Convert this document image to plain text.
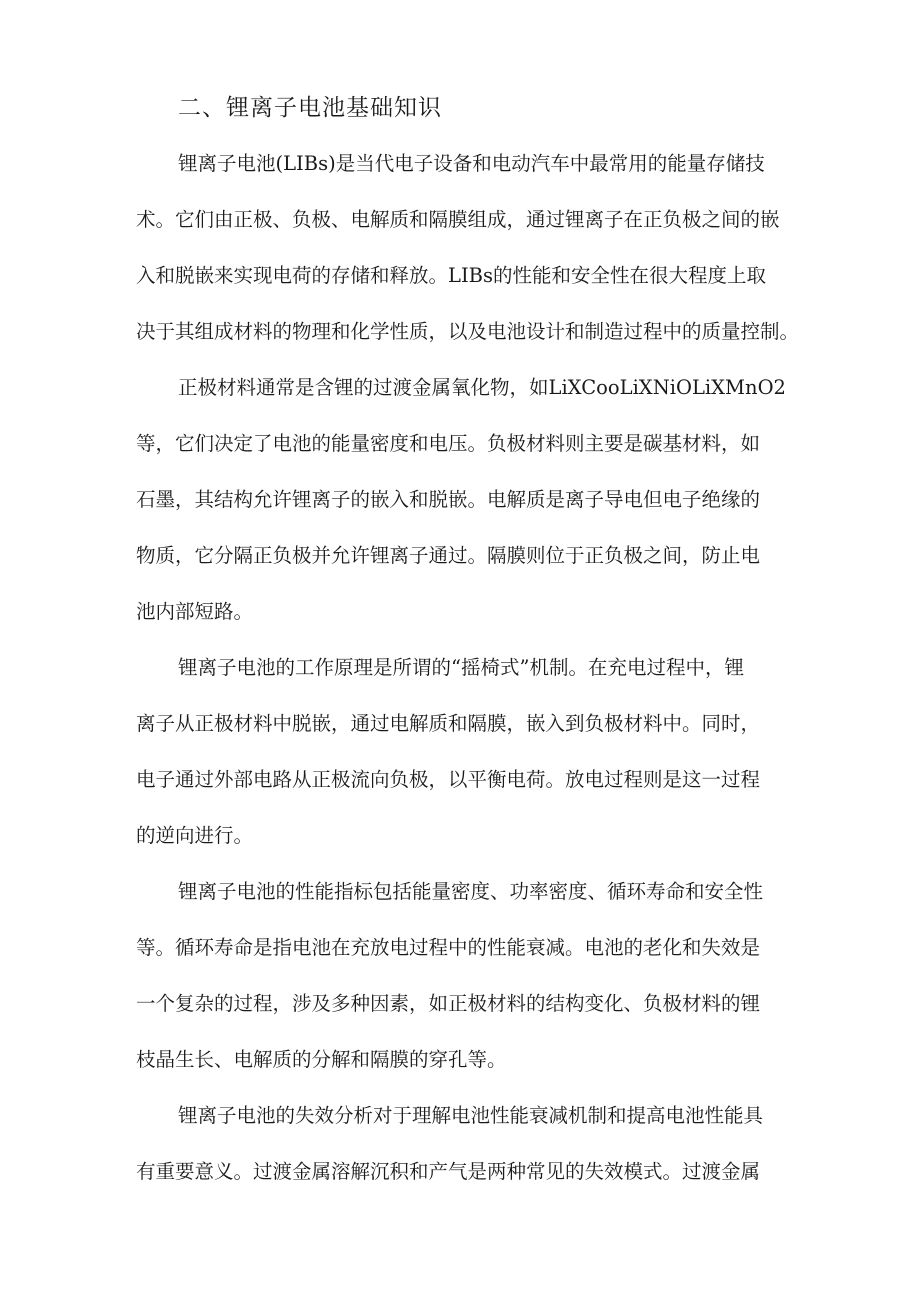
二、锂离子电池基础知识
锂离子电池(LIBs)是当代电子设备和电动汽车中最常用的能量存储技
术。它们由正极、负极、电解质和隔膜组成，通过锂离子在正负极之间的嵌
入和脱嵌来实现电荷的存储和释放。LIBs的性能和安全性在很大程度上取
决于其组成材料的物理和化学性质，以及电池设计和制造过程中的质量控制。
正极材料通常是含锂的过渡金属氧化物，如LiXCooLiXNiOLiXMnO2
等，它们决定了电池的能量密度和电压。负极材料则主要是碳基材料，如
石墨，其结构允许锂离子的嵌入和脱嵌。电解质是离子导电但电子绝缘的
物质，它分隔正负极并允许锂离子通过。隔膜则位于正负极之间，防止电
池内部短路。
锂离子电池的工作原理是所谓的“摇椅式”机制。在充电过程中，锂
离子从正极材料中脱嵌，通过电解质和隔膜，嵌入到负极材料中。同时，
电子通过外部电路从正极流向负极，以平衡电荷。放电过程则是这一过程
的逆向进行。
锂离子电池的性能指标包括能量密度、功率密度、循环寿命和安全性
等。循环寿命是指电池在充放电过程中的性能衰减。电池的老化和失效是
一个复杂的过程，涉及多种因素，如正极材料的结构变化、负极材料的锂
枝晶生长、电解质的分解和隔膜的穿孔等。
锂离子电池的失效分析对于理解电池性能衰减机制和提高电池性能具
有重要意义。过渡金属溶解沉积和产气是两种常见的失效模式。过渡金属
